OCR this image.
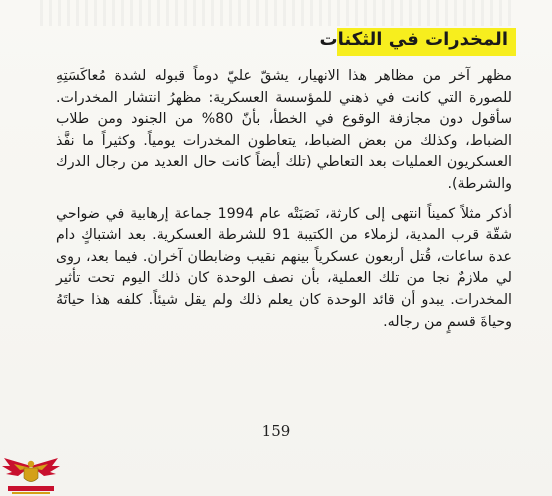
المخدرات في الثكنات

مظهر آخر من مظاهر هذا الانهيار، يشقّ عليّ دوماً قبوله لشدة مُعاكَسَتِهِ للصورة التي كانت في ذهني للمؤسسة العسكرية: مظهرُ انتشار المخدرات. سأقول دون مجازفة الوقوع في الخطأ، بأنّ 80% من الجنود ومن طلاب الضباط، وكذلك من بعض الضباط، يتعاطون المخدرات يومياً. وكثيراً ما نفَّذ العسكريون العمليات بعد التعاطي (تلك أيضاً كانت حال العديد من رجال الدرك والشرطة).

أذكر مثلاً كميناً انتهى إلى كارثة، نَصَبَتْه عام 1994 جماعة إرهابية في ضواحي شقّة قرب المدية، لزملاء من الكتيبة 91 للشرطة العسكرية. بعد اشتباكٍ دام عدة ساعات، قُتل أربعون عسكرياً بينهم نقيب وضابطان آخران. فيما بعد، روى لي ملازمٌ نجا من تلك العملية، بأن نصف الوحدة كان ذلك اليوم تحت تأثير المخدرات. يبدو أن قائد الوحدة كان يعلم ذلك ولم يقل شيئاً. كلفه هذا حياتَهُ وحياةَ قسمٍ من رجاله.

159
